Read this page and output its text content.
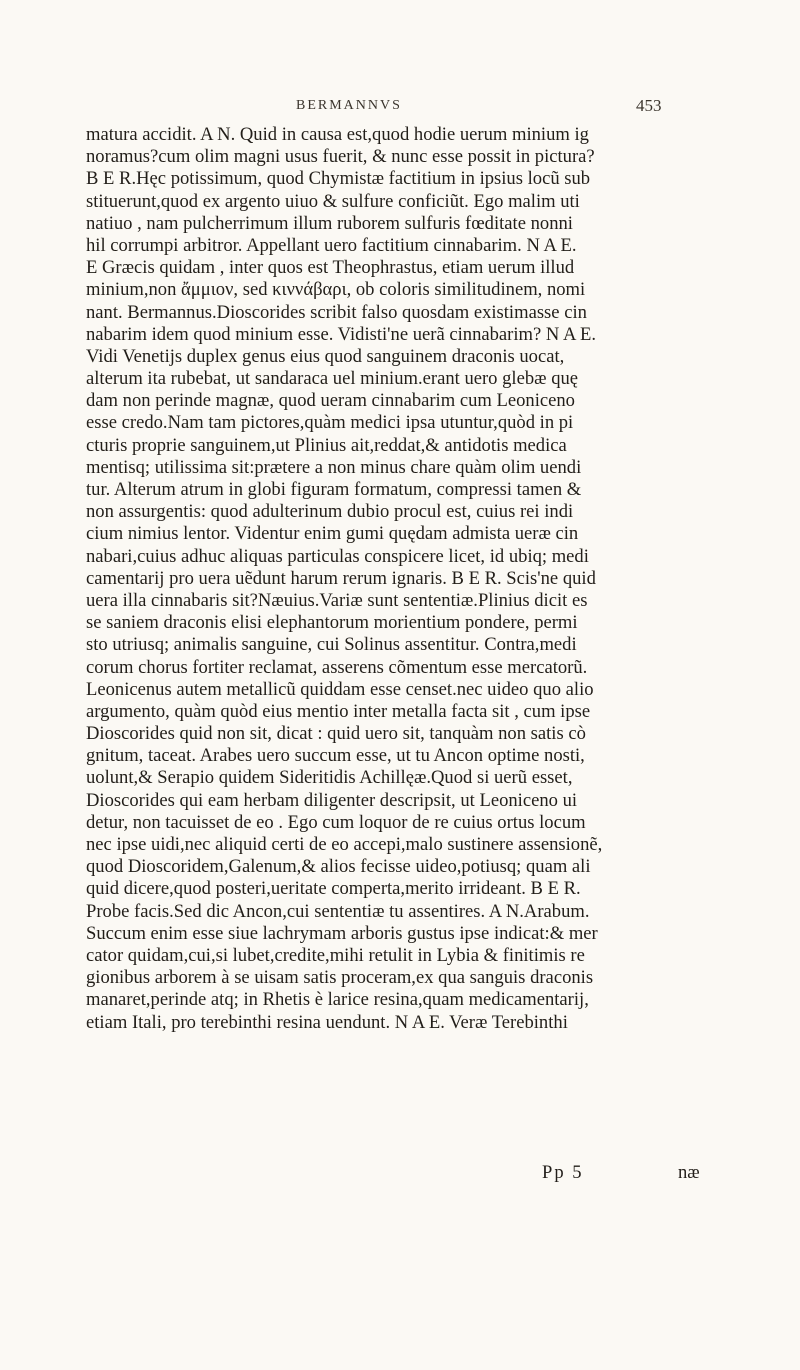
BERMANNVS	453
matura accidit. A N. Quid in causa est,quod hodie uerum minium ig
noramus?cum olim magni usus fuerit, & nunc esse possit in pictura?
B E R.Hęc potissimum, quod Chymistæ factitium in ipsius locũ sub
stituerunt,quod ex argento uiuo & sulfure conficiũt. Ego malim uti
natiuo , nam pulcherrimum illum ruborem sulfuris fœditate nonni
hil corrumpi arbitror. Appellant uero factitium cinnabarim. N A E.
E Græcis quidam , inter quos est Theophrastus, etiam uerum illud
minium,non ἄμμιον, sed κιννάβαρι, ob coloris similitudinem, nomi
nant. Bermannus.Dioscorides scribit falso quosdam existimasse cin
nabarim idem quod minium esse. Vidisti'ne uerã cinnabarim? N A E.
Vidi Venetijs duplex genus eius quod sanguinem draconis uocat,
alterum ita rubebat, ut sandaraca uel minium.erant uero glebæ quę
dam non perinde magnæ, quod ueram cinnabarim cum Leoniceno
esse credo.Nam tam pictores,quàm medici ipsa utuntur,quòd in pi
cturis proprie sanguinem,ut Plinius ait,reddat,& antidotis medica
mentisq; utilissima sit:prætere a non minus chare quàm olim uendi
tur. Alterum atrum in globi figuram formatum, compressi tamen &
non assurgentis: quod adulterinum dubio procul est, cuius rei indi
cium nimius lentor. Videntur enim gumi quędam admista ueræ cin
nabari,cuius adhuc aliquas particulas conspicere licet, id ubiq; medi
camentarij pro uera uẽdunt harum rerum ignaris. B E R. Scis'ne quid
uera illa cinnabaris sit?Næuius.Variæ sunt sententiæ.Plinius dicit es
se saniem draconis elisi elephantorum morientium pondere, permi
sto utriusq; animalis sanguine, cui Solinus assentitur. Contra,medi
corum chorus fortiter reclamat, asserens cõmentum esse mercatorũ.
Leonicenus autem metallicũ quiddam esse censet.nec uideo quo alio
argumento, quàm quòd eius mentio inter metalla facta sit , cum ipse
Dioscorides quid non sit, dicat : quid uero sit, tanquàm non satis cò
gnitum, taceat. Arabes uero succum esse, ut tu Ancon optime nosti,
uolunt,& Serapio quidem Sideritidis Achillęæ.Quod si uerũ esset,
Dioscorides qui eam herbam diligenter descripsit, ut Leoniceno ui
detur, non tacuisset de eo . Ego cum loquor de re cuius ortus locum
nec ipse uidi,nec aliquid certi de eo accepi,malo sustinere assensionẽ,
quod Dioscoridem,Galenum,& alios fecisse uideo,potiusq; quam ali
quid dicere,quod posteri,ueritate comperta,merito irrideant. B E R.
Probe facis.Sed dic Ancon,cui sententiæ tu assentires. A N.Arabum.
Succum enim esse siue lachrymam arboris gustus ipse indicat:& mer
cator quidam,cui,si lubet,credite,mihi retulit in Lybia & finitimis re
gionibus arborem à se uisam satis proceram,ex qua sanguis draconis
manaret,perinde atq; in Rhetis è larice resina,quam medicamentarij,
etiam Itali, pro terebinthi resina uendunt. N A E. Veræ Terebinthi
Pp 5	næ
